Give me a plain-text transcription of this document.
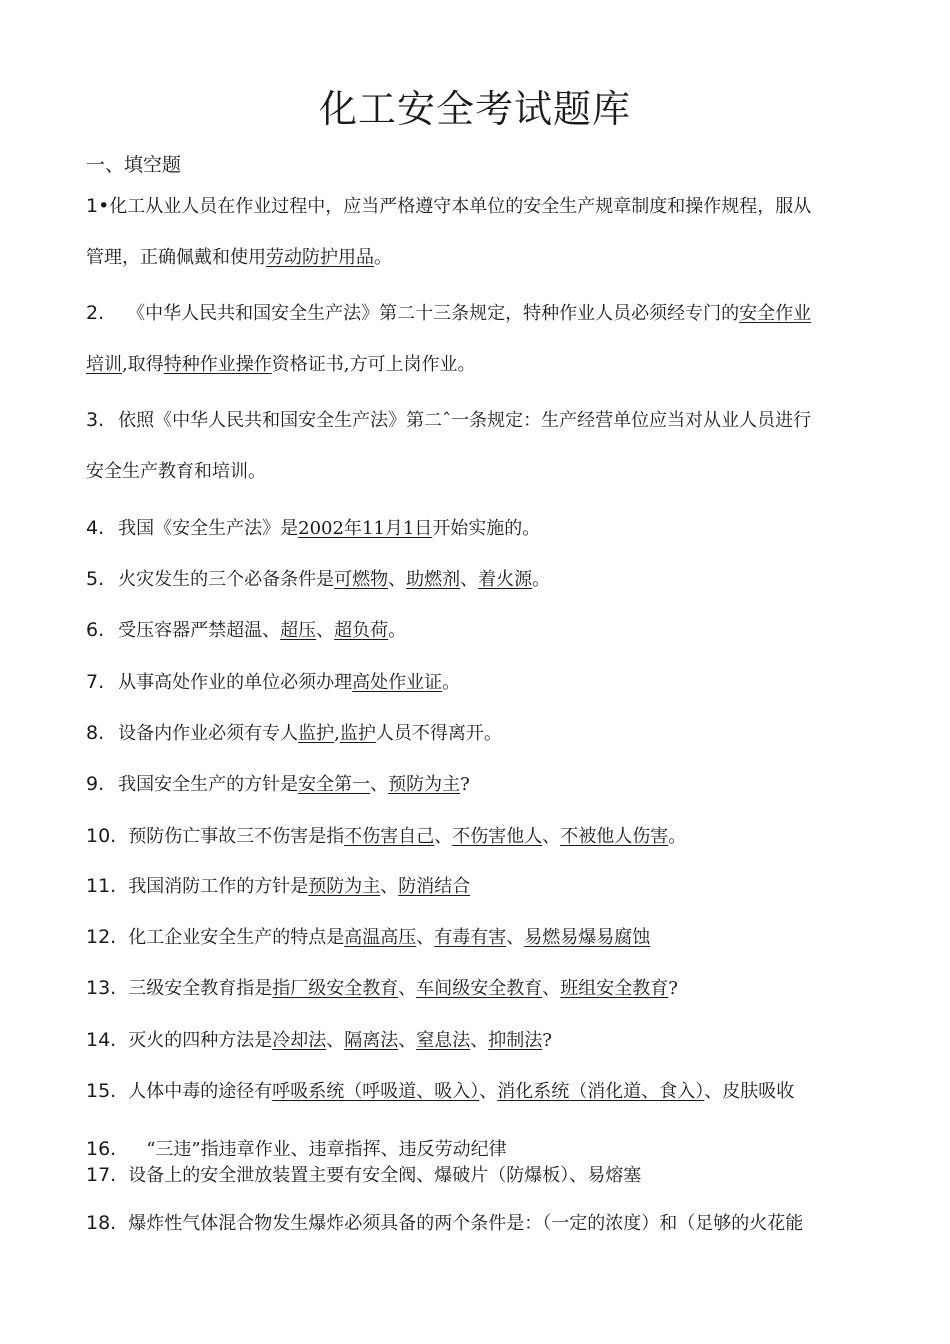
化工安全考试题库
一、填空题
1•化工从业人员在作业过程中，应当严格遵守本单位的安全生产规章制度和操作规程，服从
管理，正确佩戴和使用劳动防护用品。
2.　《中华人民共和国安全生产法》第二十三条规定，特种作业人员必须经专门的安全作业
培训,取得特种作业操作资格证书,方可上岗作业。
3. 依照《中华人民共和国安全生产法》第二ˆ一条规定：生产经营单位应当对从业人员进行
安全生产教育和培训。
4. 我国《安全生产法》是2002年11月1日开始实施的。
5. 火灾发生的三个必备条件是可燃物、助燃剂、着火源。
6. 受压容器严禁超温、超压、超负荷。
7. 从事高处作业的单位必须办理高处作业证。
8. 设备内作业必须有专人监护,监护人员不得离开。
9. 我国安全生产的方针是安全第一、预防为主?
10. 预防伤亡事故三不伤害是指不伤害自己、不伤害他人、不被他人伤害。
11. 我国消防工作的方针是预防为主、防消结合
12. 化工企业安全生产的特点是高温高压、有毒有害、易燃易爆易腐蚀
13. 三级安全教育指是指厂级安全教育、车间级安全教育、班组安全教育?
14. 灭火的四种方法是冷却法、隔离法、窒息法、抑制法?
15. 人体中毒的途径有呼吸系统（呼吸道、吸入）、消化系统（消化道、食入）、皮肤吸收
16.　“三违”指违章作业、违章指挥、违反劳动纪律
17. 设备上的安全泄放装置主要有安全阀、爆破片（防爆板）、易熔塞
18. 爆炸性气体混合物发生爆炸必须具备的两个条件是：（一定的浓度）和（足够的火花能
